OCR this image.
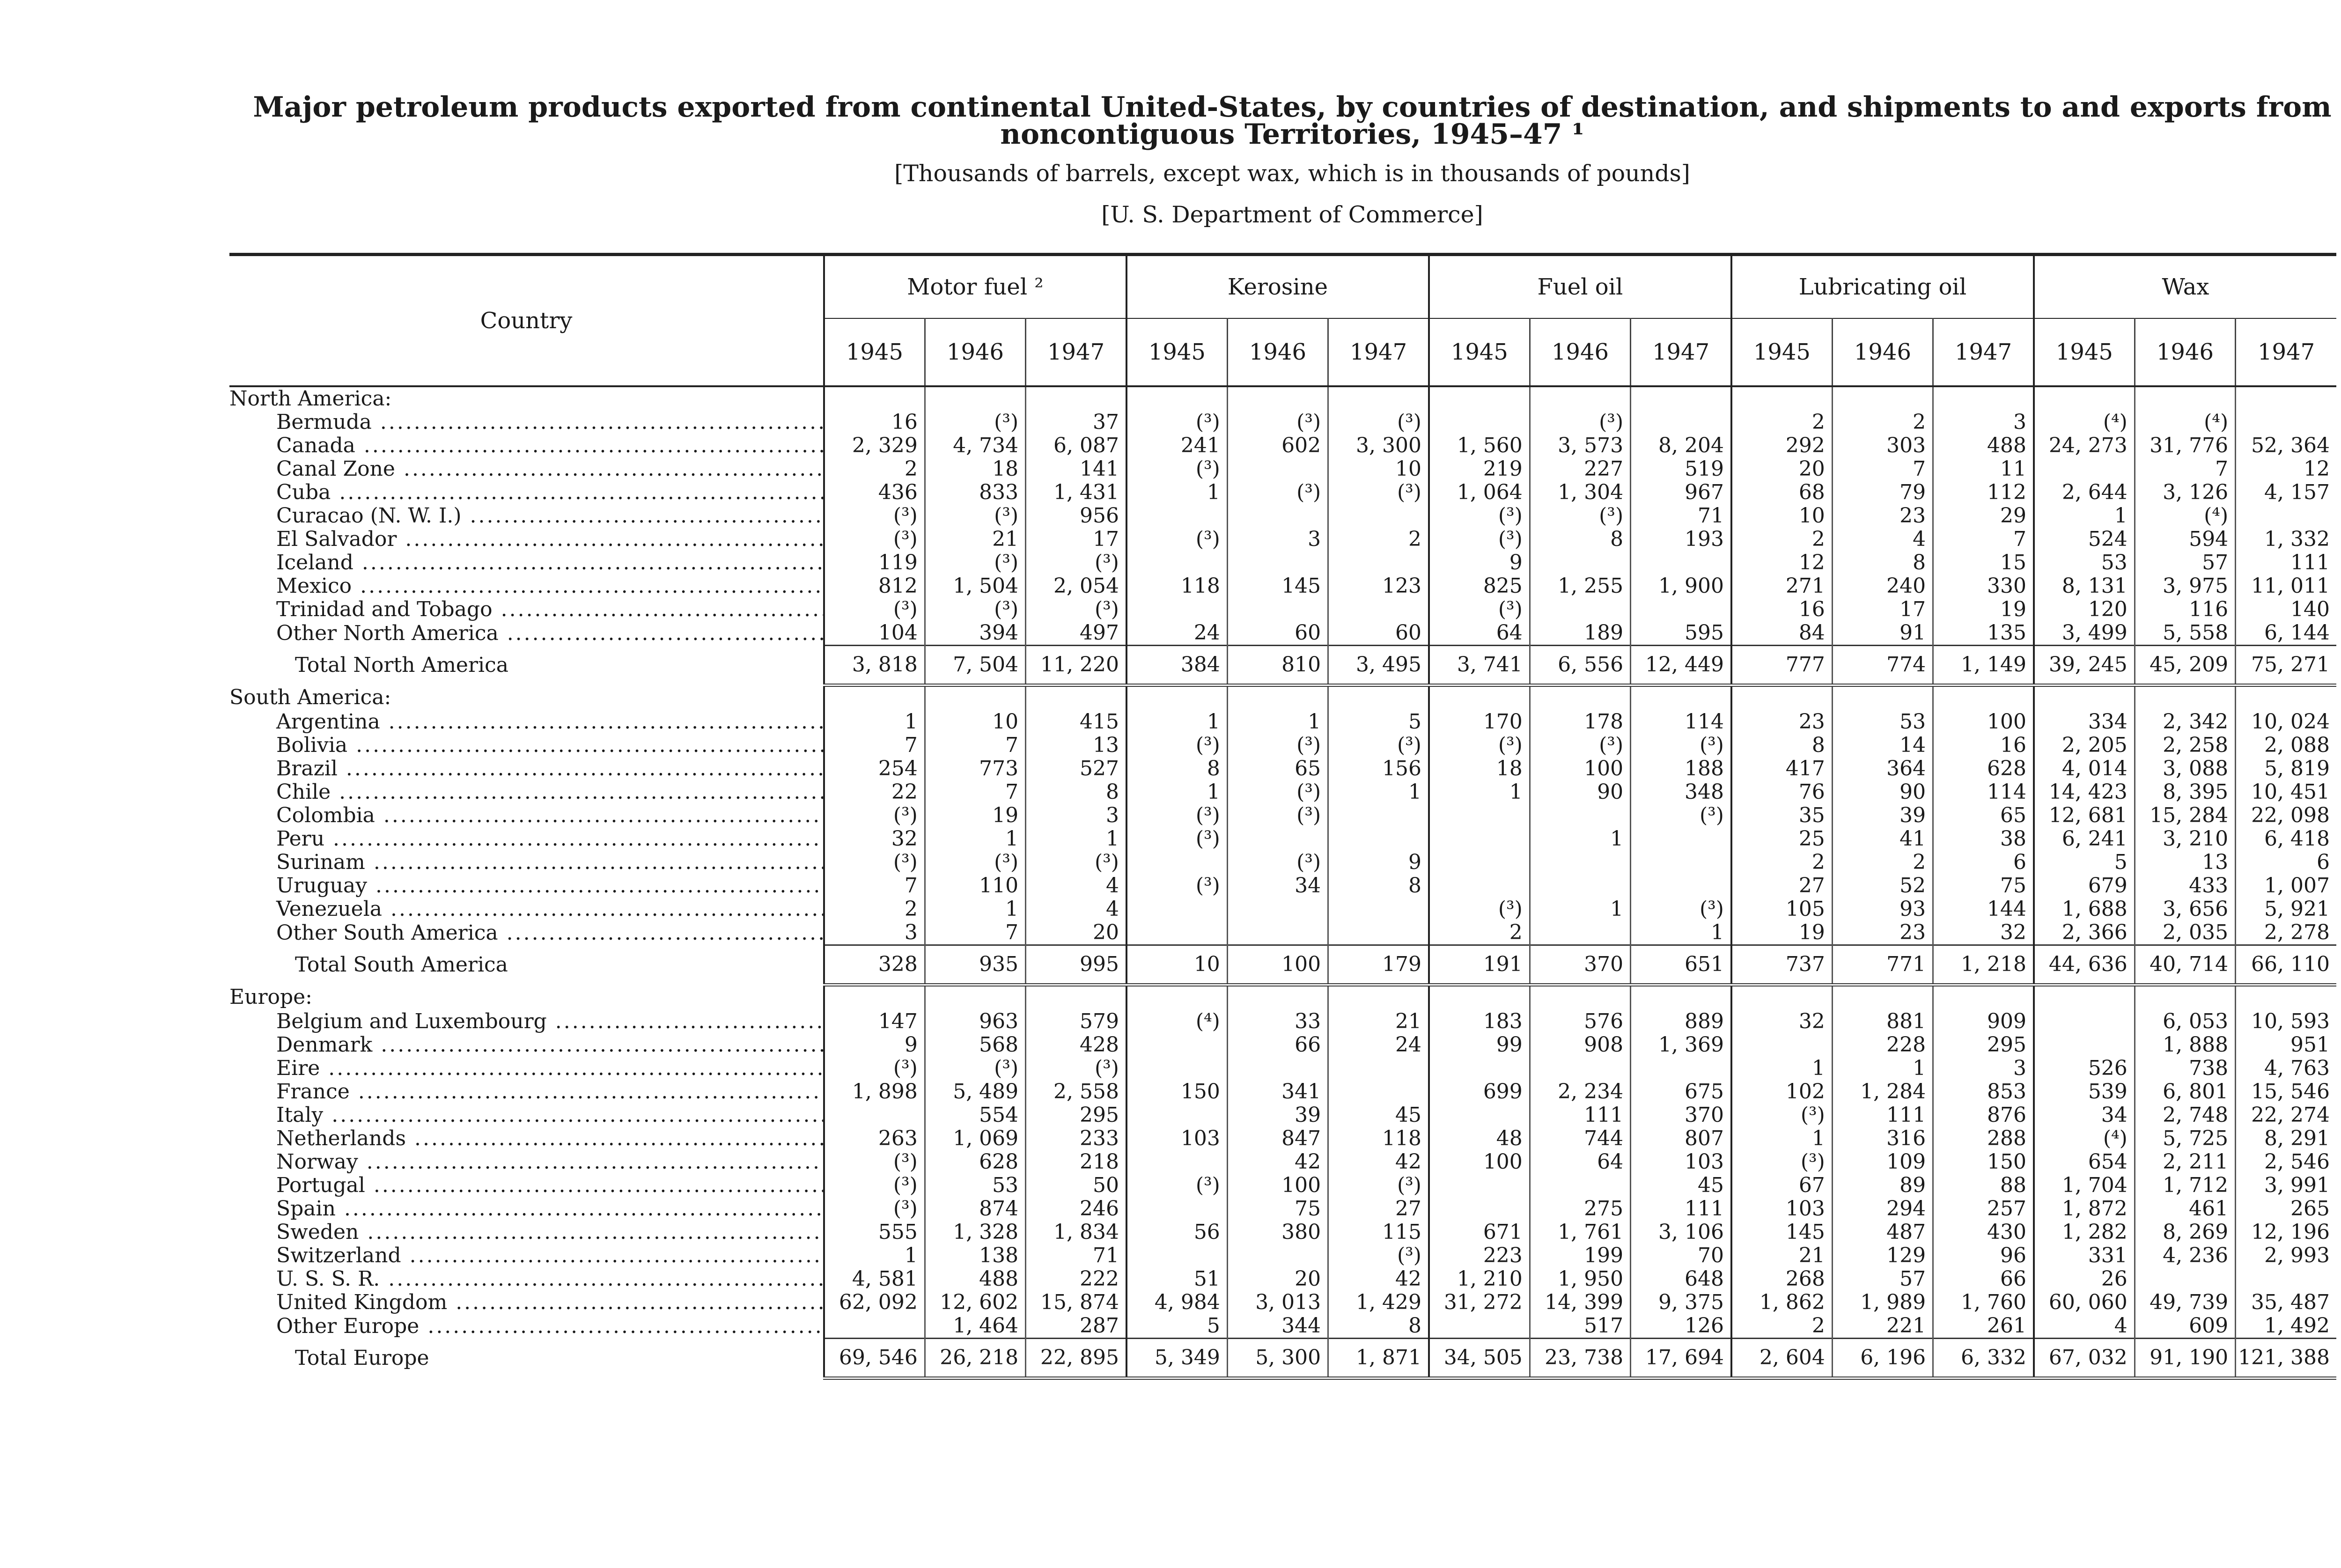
Major petroleum products exported from continental United-States, by countries of destination, and shipments to and exports from noncontiguous Territories, 1945–47 ¹
[Thousands of barrels, except wax, which is in thousands of pounds]
[U. S. Department of Commerce]
Country	Motor fuel ²			Kerosine			Fuel oil			Lubricating oil			Wax		
	1945	1946	1947	1945	1946	1947	1945	1946	1947	1945	1946	1947	1945	1946	1947
North America:															
Bermuda .....	16	(³)	37	(³)	(³)	(³)		(³)		2	2	3	(⁴)	(⁴)	
Canada .....	2, 329	4, 734	6, 087	241	602	3, 300	1, 560	3, 573	8, 204	292	303	488	24, 273	31, 776	52, 364
Canal Zone .....	2	18	141	(³)		10	219	227	519	20	7	11		7	12
Cuba .....	436	833	1, 431	1	(³)	(³)	1, 064	1, 304	967	68	79	112	2, 644	3, 126	4, 157
Curacao (N. W. I.) .....	(³)	(³)	956				(³)	(³)	71	10	23	29	1	(⁴)	
El Salvador .....	(³)	21	17	(³)	3	2	(³)	8	193	2	4	7	524	594	1, 332
Iceland .....	119	(³)	(³)				9			12	8	15	53	57	111
Mexico .....	812	1, 504	2, 054	118	145	123	825	1, 255	1, 900	271	240	330	8, 131	3, 975	11, 011
Trinidad and Tobago .....	(³)	(³)	(³)				(³)			16	17	19	120	116	140
Other North America .....	104	394	497	24	60	60	64	189	595	84	91	135	3, 499	5, 558	6, 144
Total North America	3, 818	7, 504	11, 220	384	810	3, 495	3, 741	6, 556	12, 449	777	774	1, 149	39, 245	45, 209	75, 271
South America:															
Argentina .....	1	10	415	1	1	5	170	178	114	23	53	100	334	2, 342	10, 024
Bolivia .....	7	7	13	(³)	(³)	(³)	(³)	(³)	(³)	8	14	16	2, 205	2, 258	2, 088
Brazil .....	254	773	527	8	65	156	18	100	188	417	364	628	4, 014	3, 088	5, 819
Chile .....	22	7	8	1	(³)	1	1	90	348	76	90	114	14, 423	8, 395	10, 451
Colombia .....	(³)	19	3	(³)	(³)				(³)	35	39	65	12, 681	15, 284	22, 098
Peru .....	32	1	1	(³)				1		25	41	38	6, 241	3, 210	6, 418
Surinam .....	(³)	(³)	(³)		(³)	9				2	2	6	5	13	6
Uruguay .....	7	110	4	(³)	34	8				27	52	75	679	433	1, 007
Venezuela .....	2	1	4				(³)	1	(³)	105	93	144	1, 688	3, 656	5, 921
Other South America .....	3	7	20				2		1	19	23	32	2, 366	2, 035	2, 278
Total South America	328	935	995	10	100	179	191	370	651	737	771	1, 218	44, 636	40, 714	66, 110
Europe:															
Belgium and Luxembourg .....	147	963	579	(⁴)	33	21	183	576	889	32	881	909		6, 053	10, 593
Denmark .....	9	568	428		66	24	99	908	1, 369		228	295		1, 888	951
Eire .....	(³)	(³)	(³)							1	1	3	526	738	4, 763
France .....	1, 898	5, 489	2, 558	150	341		699	2, 234	675	102	1, 284	853	539	6, 801	15, 546
Italy .....		554	295		39	45		111	370	(³)	111	876	34	2, 748	22, 274
Netherlands .....	263	1, 069	233	103	847	118	48	744	807	1	316	288	(⁴)	5, 725	8, 291
Norway .....	(³)	628	218		42	42	100	64	103	(³)	109	150	654	2, 211	2, 546
Portugal .....	(³)	53	50	(³)	100	(³)			45	67	89	88	1, 704	1, 712	3, 991
Spain .....	(³)	874	246		75	27		275	111	103	294	257	1, 872	461	265
Sweden .....	555	1, 328	1, 834	56	380	115	671	1, 761	3, 106	145	487	430	1, 282	8, 269	12, 196
Switzerland .....	1	138	71			(³)	223	199	70	21	129	96	331	4, 236	2, 993
U. S. S. R. .....	4, 581	488	222	51	20	42	1, 210	1, 950	648	268	57	66	26		
United Kingdom .....	62, 092	12, 602	15, 874	4, 984	3, 013	1, 429	31, 272	14, 399	9, 375	1, 862	1, 989	1, 760	60, 060	49, 739	35, 487
Other Europe .....		1, 464	287	5	344	8		517	126	2	221	261	4	609	1, 492
Total Europe	69, 546	26, 218	22, 895	5, 349	5, 300	1, 871	34, 505	23, 738	17, 694	2, 604	6, 196	6, 332	67, 032	91, 190	121, 388
